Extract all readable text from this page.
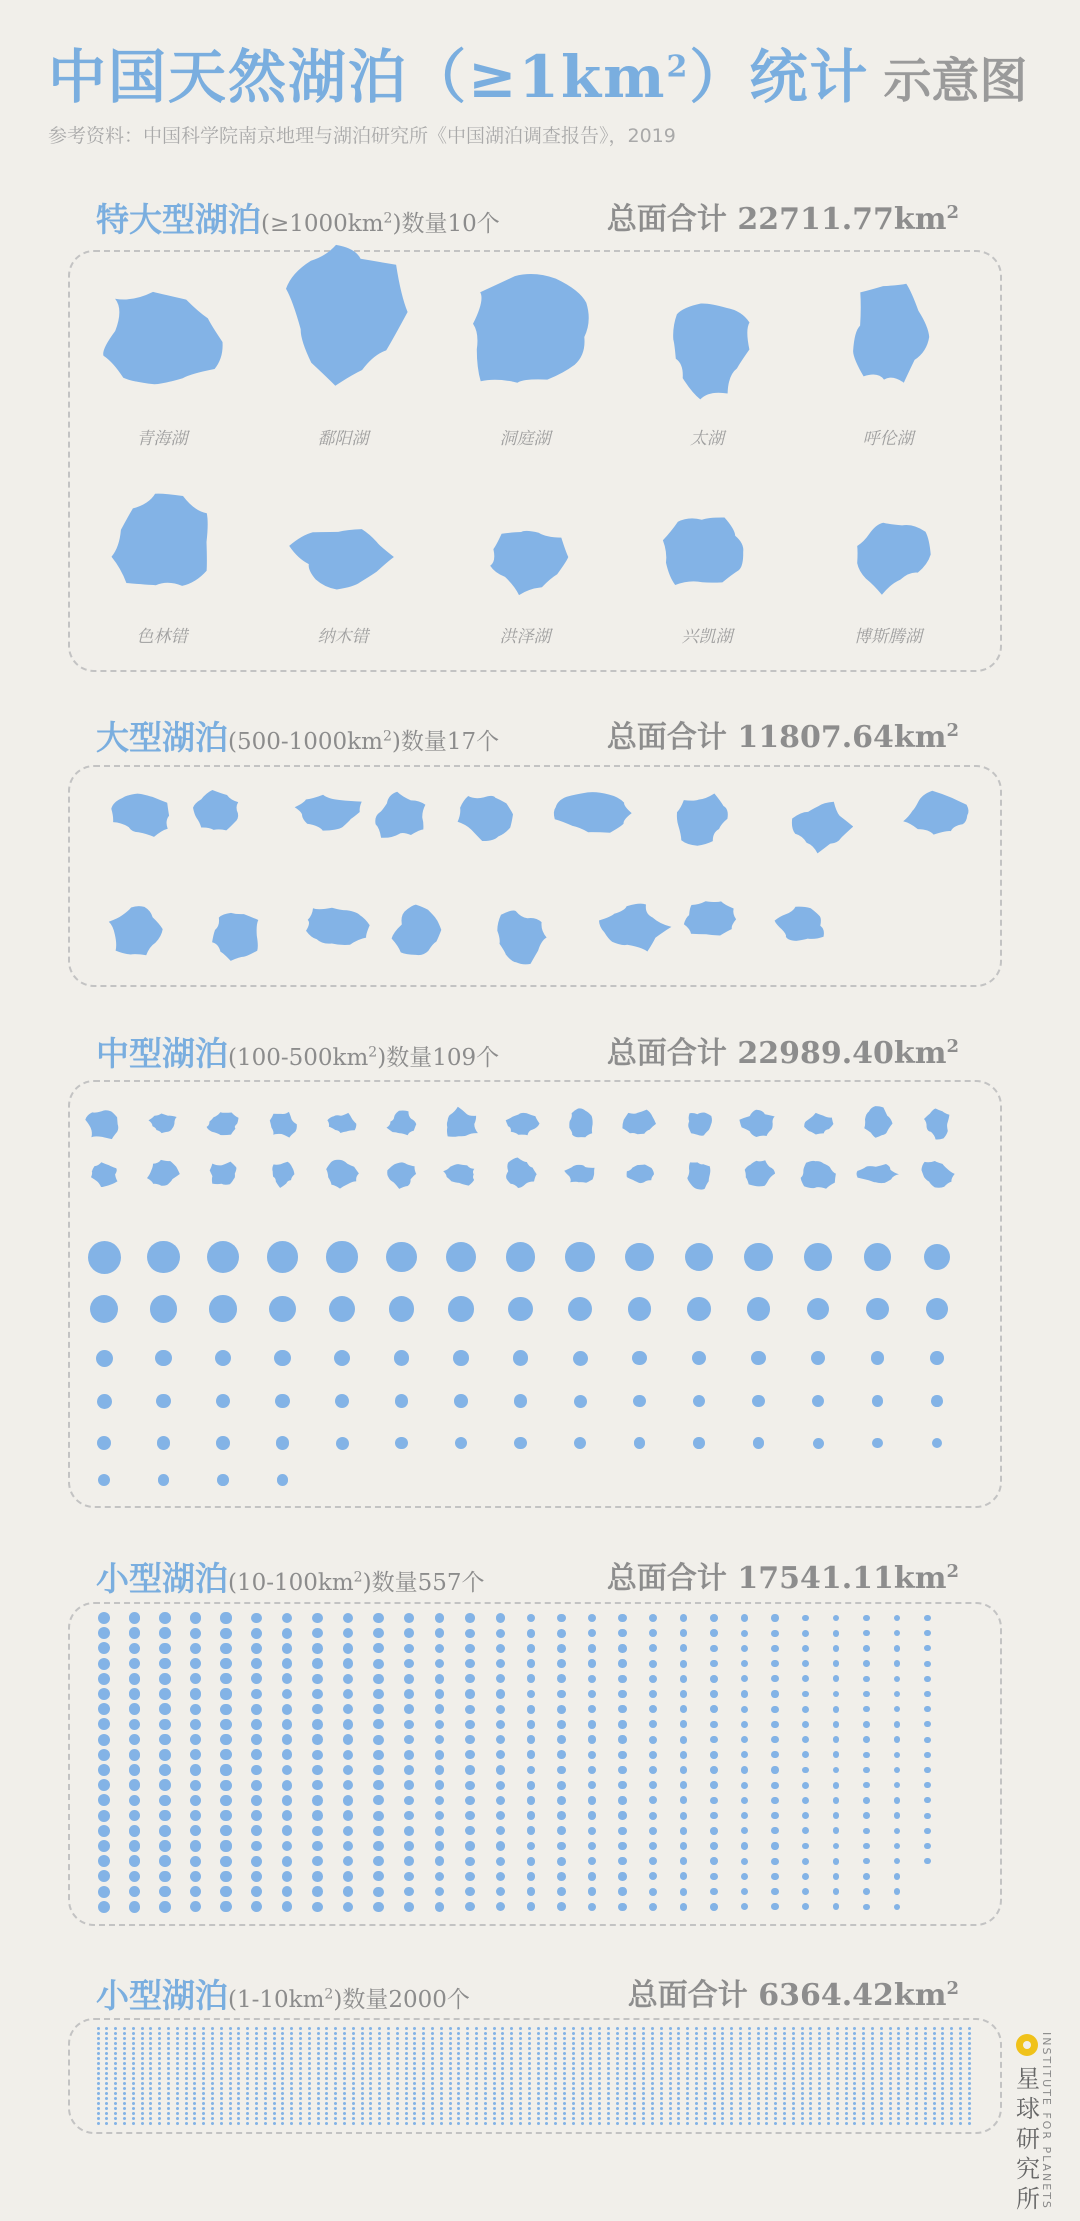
中国天然湖泊$(\ge 1km^2)$统计 示意图
参考资料：中国科学院南京地理与湖泊研究所《中国湖泊调查报告》，2019
特大型湖泊$(\ge 1000km^2)$数量10个	总面合计 $22711.77km^2$
大型湖泊$(500-1000km^2)$数量17个	总面合计 $11807.64km^2$
中型湖泊$(100-500km^2)$数量109个	总面合计 $22989.40km^2$
小型湖泊$(10-100km^2)$数量557个	总面合计 $17541.11km^2$
小型湖泊$(1-10km^2)$数量2000个	总面合计 $6364.42km^2$
青海湖	鄱阳湖	洞庭湖	太湖	呼伦湖
色林错	纳木错	洪泽湖	兴凯湖	博斯腾湖
星球研究所 INSTITUTE FOR PLANETS
